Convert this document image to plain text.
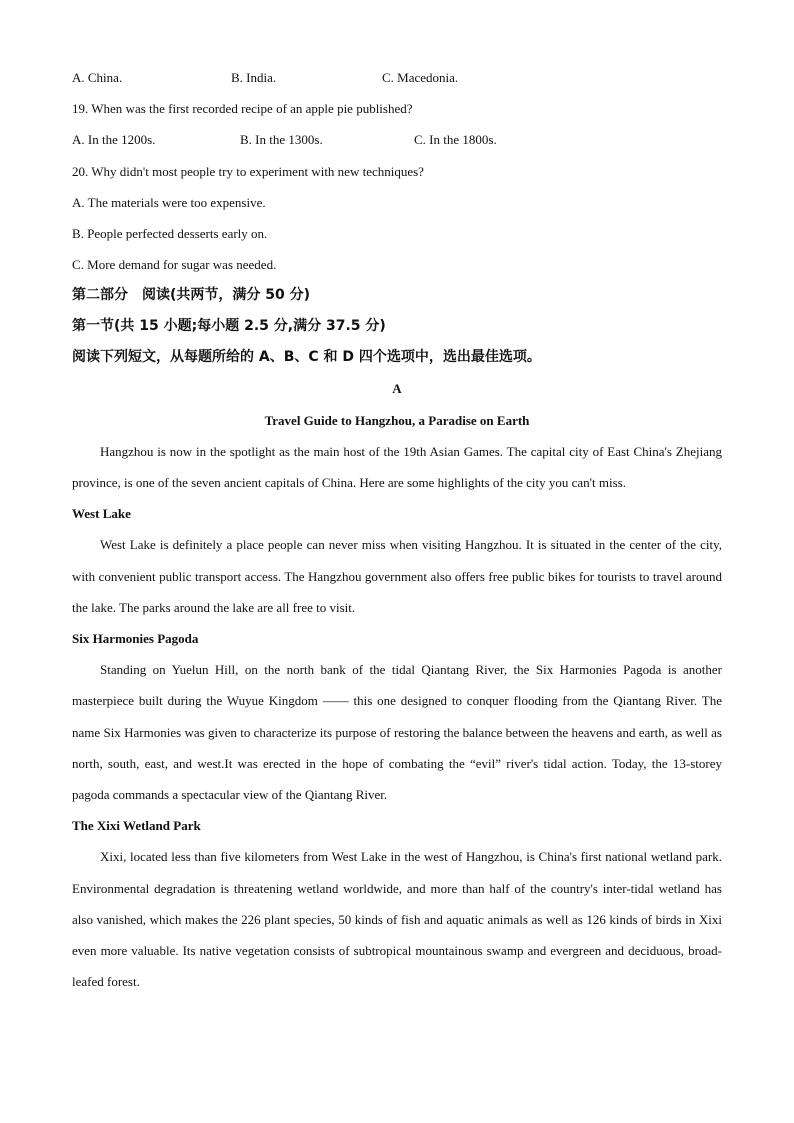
A. China.	B. India.	C. Macedonia.

19. When was the first recorded recipe of an apple pie published?

A. In the 1200s.	B. In the 1300s.	C. In the 1800s.

20. Why didn't most people try to experiment with new techniques?

A. The materials were too expensive.

B. People perfected desserts early on.

C. More demand for sugar was needed.

第二部分　阅读(共两节，满分 50 分)

第一节(共 15 小题;每小题 2.5 分,满分 37.5 分)

阅读下列短文，从每题所给的 A、B、C 和 D 四个选项中，选出最佳选项。

A

Travel Guide to Hangzhou, a Paradise on Earth

Hangzhou is now in the spotlight as the main host of the 19th Asian Games. The capital city of East China's Zhejiang province, is one of the seven ancient capitals of China. Here are some highlights of the city you can't miss.

West Lake

West Lake is definitely a place people can never miss when visiting Hangzhou. It is situated in the center of the city, with convenient public transport access. The Hangzhou government also offers free public bikes for tourists to travel around the lake. The parks around the lake are all free to visit.

Six Harmonies Pagoda

Standing on Yuelun Hill, on the north bank of the tidal Qiantang River, the Six Harmonies Pagoda is another masterpiece built during the Wuyue Kingdom —— this one designed to conquer flooding from the Qiantang River. The name Six Harmonies was given to characterize its purpose of restoring the balance between the heavens and earth, as well as north, south, east, and west.It was erected in the hope of combating the “evil” river's tidal action. Today, the 13-storey pagoda commands a spectacular view of the Qiantang River.

The Xixi Wetland Park

Xixi, located less than five kilometers from West Lake in the west of Hangzhou, is China's first national wetland park. Environmental degradation is threatening wetland worldwide, and more than half of the country's inter-tidal wetland has also vanished, which makes the 226 plant species, 50 kinds of fish and aquatic animals as well as 126 kinds of birds in Xixi even more valuable. Its native vegetation consists of subtropical mountainous swamp and evergreen and deciduous, broad-leafed forest.
